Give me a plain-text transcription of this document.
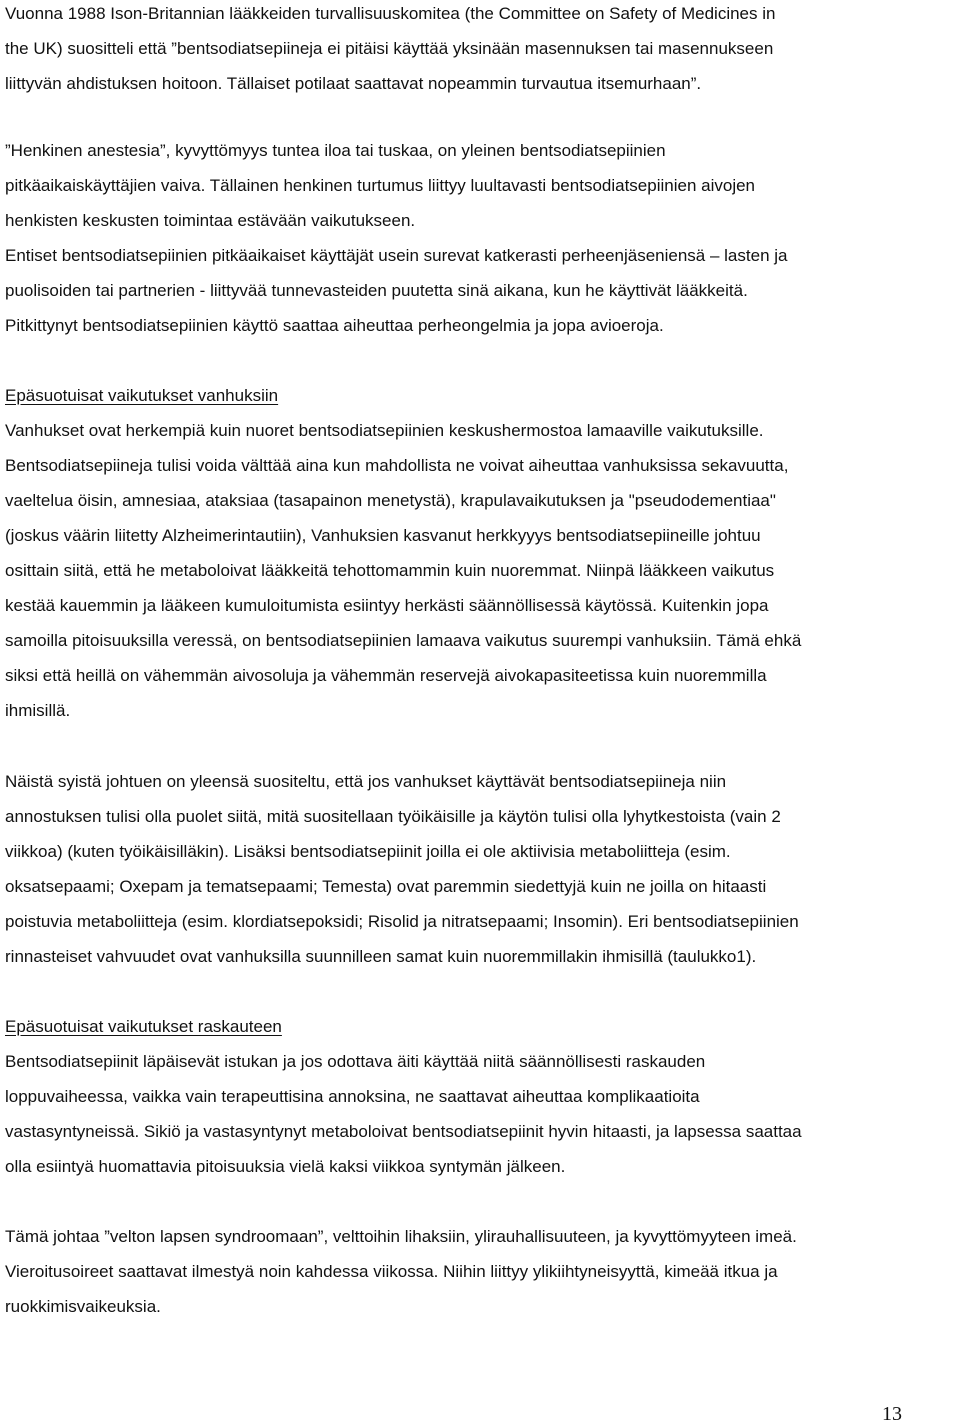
Vuonna 1988 Ison-Britannian lääkkeiden turvallisuuskomitea (the Committee on Safety of Medicines in
the UK) suositteli että ”bentsodiatsepiineja ei pitäisi käyttää yksinään masennuksen tai masennukseen
liittyvän ahdistuksen hoitoon. Tällaiset potilaat saattavat nopeammin turvautua itsemurhaan”.

”Henkinen anestesia”, kyvyttömyys tuntea iloa tai tuskaa, on yleinen bentsodiatsepiinien
pitkäaikaiskäyttäjien vaiva. Tällainen henkinen turtumus liittyy luultavasti bentsodiatsepiinien aivojen
henkisten keskusten toimintaa estävään vaikutukseen.
Entiset bentsodiatsepiinien pitkäaikaiset käyttäjät usein surevat katkerasti perheenjäseniensä – lasten ja
puolisoiden tai partnerien - liittyvää tunnevasteiden puutetta sinä aikana, kun he käyttivät lääkkeitä.
Pitkittynyt bentsodiatsepiinien käyttö saattaa aiheuttaa perheongelmia ja jopa avioeroja.

Epäsuotuisat vaikutukset vanhuksiin

Vanhukset ovat herkempiä kuin nuoret bentsodiatsepiinien keskushermostoa lamaaville vaikutuksille.
Bentsodiatsepiineja tulisi voida välttää aina kun mahdollista ne voivat aiheuttaa vanhuksissa sekavuutta,
vaeltelua öisin, amnesiaa, ataksiaa (tasapainon menetystä), krapulavaikutuksen ja "pseudodementiaa"
(joskus väärin liitetty Alzheimerintautiin), Vanhuksien kasvanut herkkyyys bentsodiatsepiineille johtuu
osittain siitä, että he metaboloivat lääkkeitä tehottomammin kuin nuoremmat. Niinpä lääkkeen vaikutus
kestää kauemmin ja lääkeen kumuloitumista esiintyy herkästi säännöllisessä käytössä. Kuitenkin jopa
samoilla pitoisuuksilla veressä, on bentsodiatsepiinien lamaava vaikutus suurempi vanhuksiin. Tämä ehkä
siksi että heillä on vähemmän aivosoluja ja vähemmän reservejä aivokapasiteetissa kuin nuoremmilla
ihmisillä.

Näistä syistä johtuen on yleensä suositeltu, että jos vanhukset käyttävät bentsodiatsepiineja niin
annostuksen tulisi olla puolet siitä, mitä suositellaan työikäisille ja käytön tulisi olla lyhytkestoista (vain 2
viikkoa) (kuten työikäisilläkin). Lisäksi bentsodiatsepiinit joilla ei ole aktiivisia metaboliitteja (esim.
oksatsepaami; Oxepam ja tematsepaami; Temesta) ovat paremmin siedettyjä kuin ne joilla on hitaasti
poistuvia metaboliitteja (esim. klordiatsepoksidi; Risolid ja nitratsepaami; Insomin). Eri bentsodiatsepiinien
rinnasteiset vahvuudet ovat vanhuksilla suunnilleen samat kuin nuoremmillakin ihmisillä (taulukko1).

Epäsuotuisat vaikutukset raskauteen

Bentsodiatsepiinit läpäisevät istukan ja jos odottava äiti käyttää niitä säännöllisesti raskauden
loppuvaiheessa, vaikka vain terapeuttisina annoksina, ne saattavat aiheuttaa komplikaatioita
vastasyntyneissä. Sikiö ja vastasyntynyt metaboloivat bentsodiatsepiinit hyvin hitaasti, ja lapsessa saattaa
olla esiintyä huomattavia pitoisuuksia vielä kaksi viikkoa syntymän jälkeen.

Tämä johtaa ”velton lapsen syndroomaan”, velttoihin lihaksiin, ylirauhallisuuteen, ja kyvyttömyyteen imeä.
Vieroitusoireet saattavat ilmestyä noin kahdessa viikossa. Niihin liittyy ylikiihtyneisyyttä, kimeää itkua ja
ruokkimisvaikeuksia.

13
